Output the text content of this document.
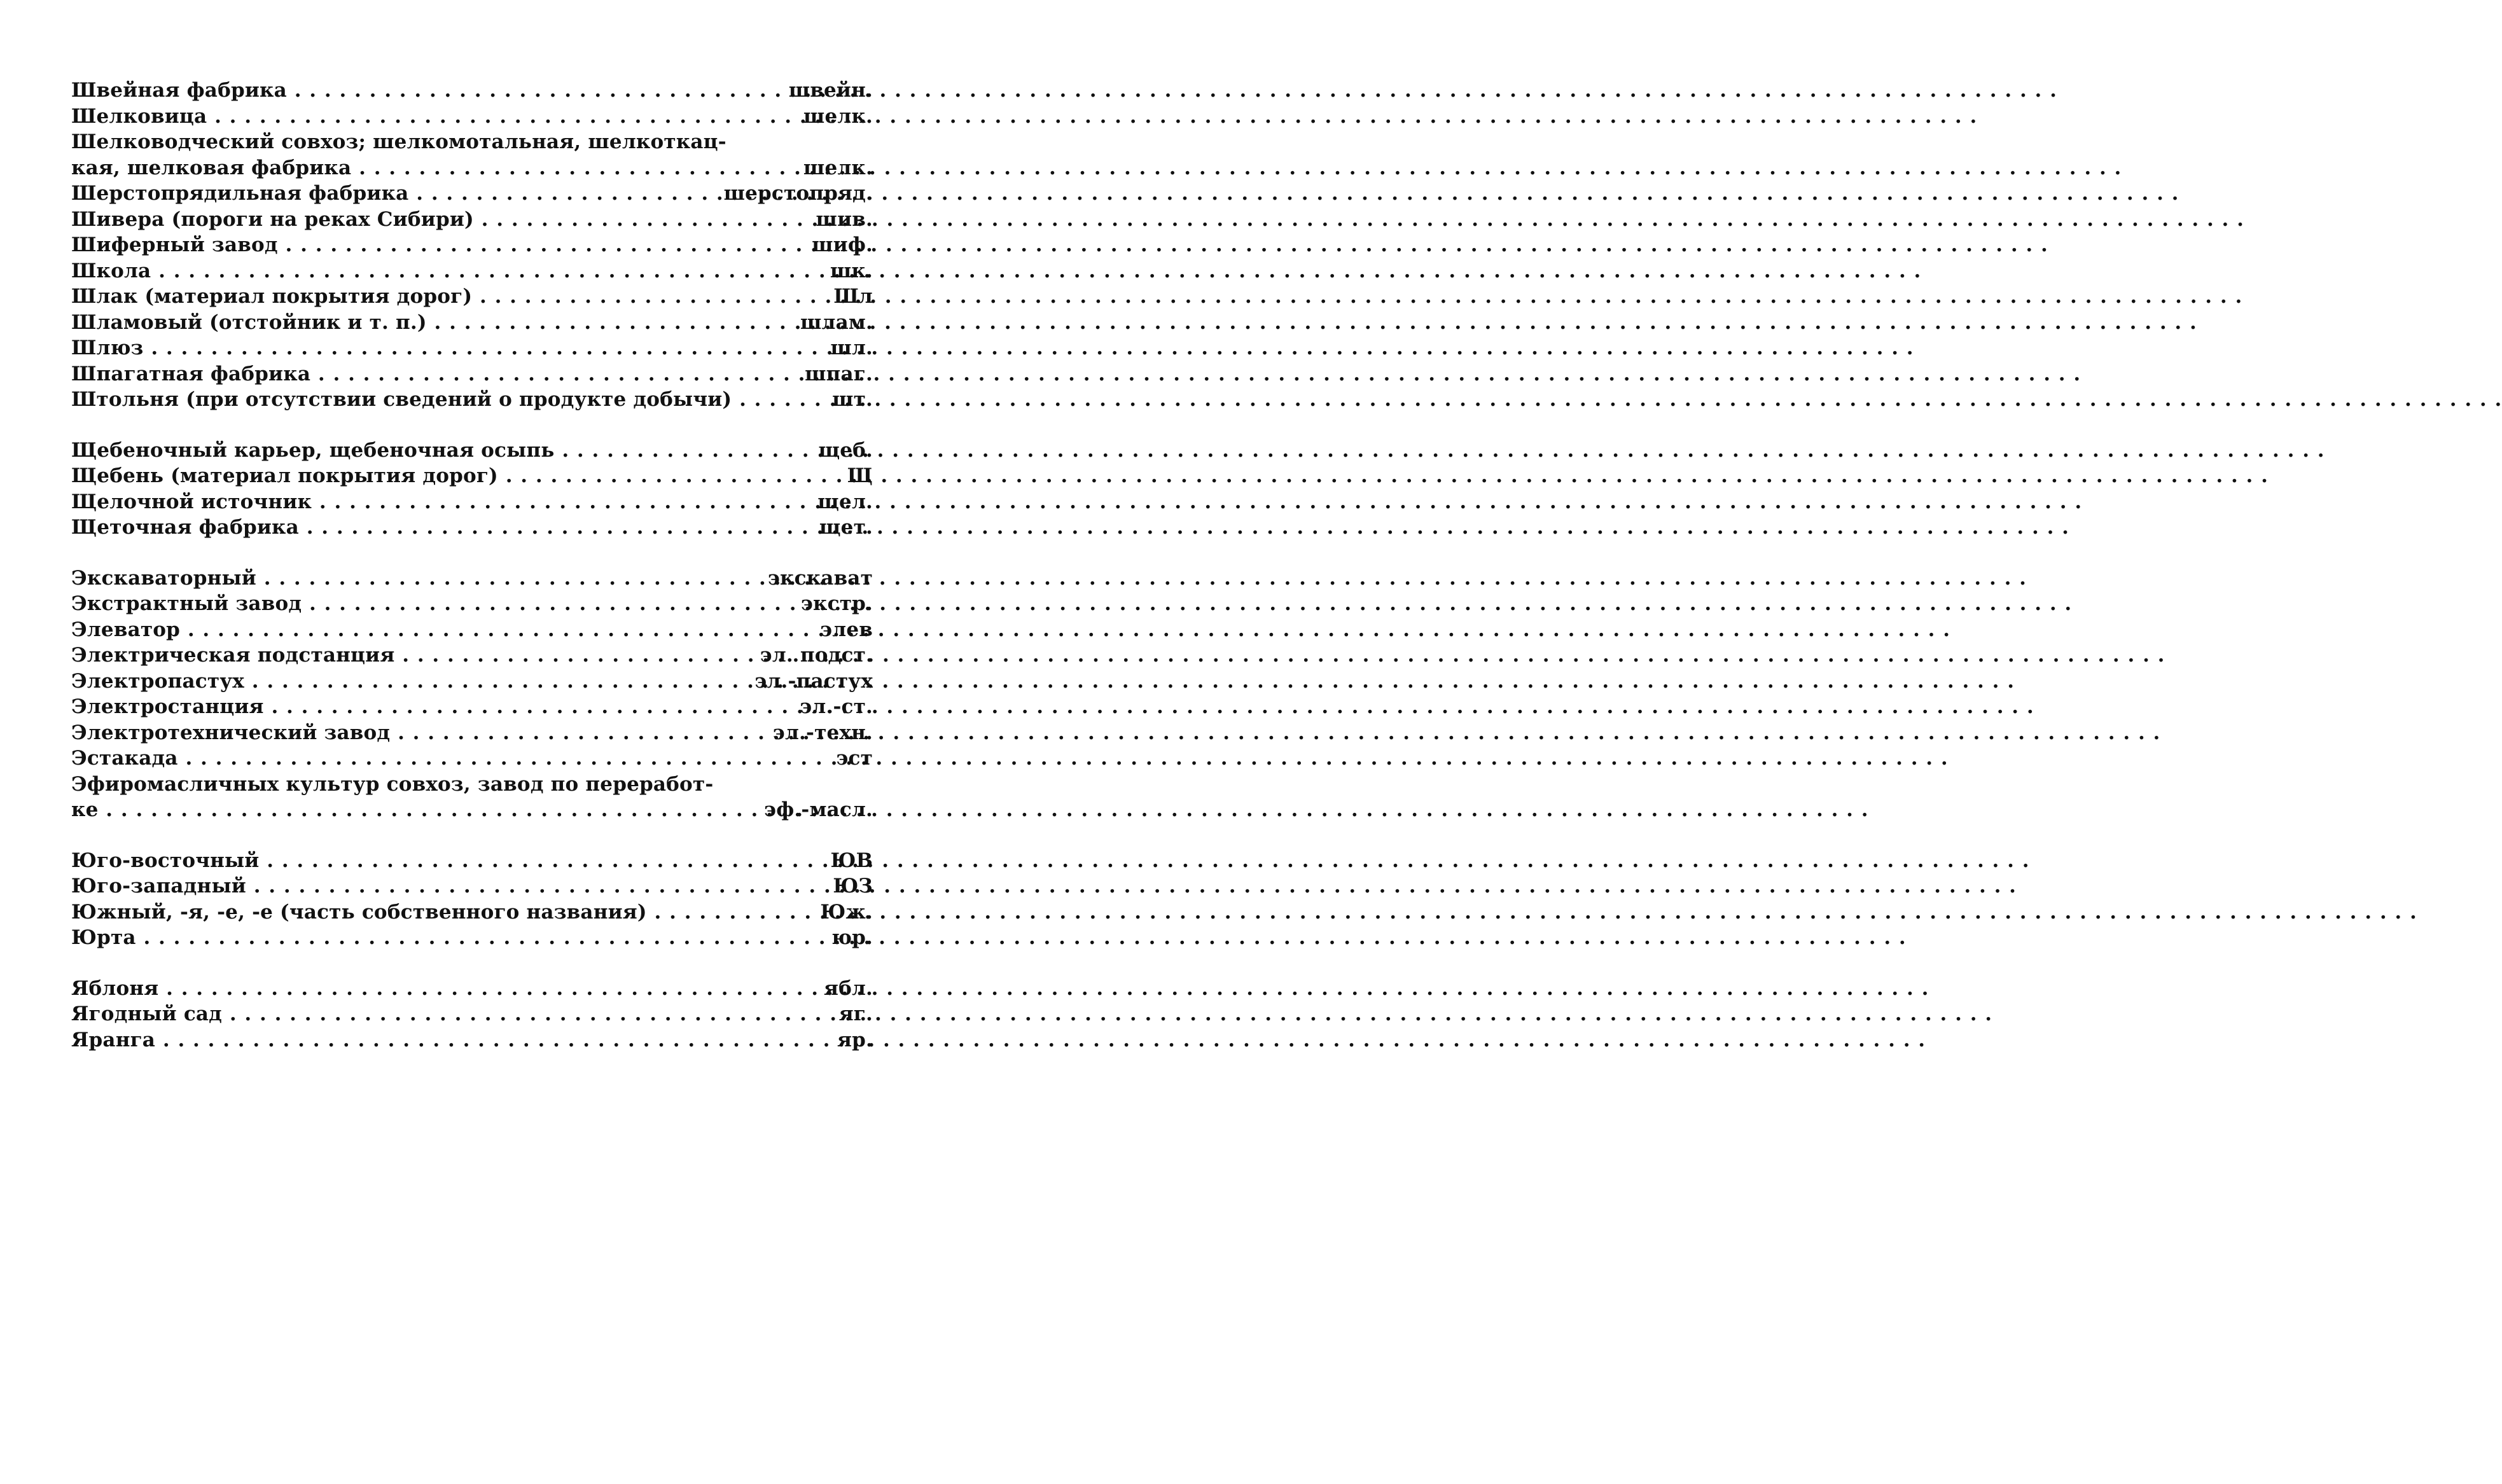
Швейная фабрика . . .	швейн.
Шелковица . . .	шелк.
Шелководческий совхоз; шелкомотальная, шелкоткац-
кая, шелковая фабрика . . .	шелк.
Шерстопрядильная фабрика . . .	шерстопряд.
Шивера (пороги на реках Сибири) . . .	шив.
Шиферный завод . . .	шиф.
Школа . . .	шк.
Шлак (материал покрытия дорог) . . .	Шл
Шламовый (отстойник и т. п.) . . .	шлам.
Шлюз . . .	шл.
Шпагатная фабрика . . .	шпаг.
Штольня (при отсутствии сведений о продукте добычи) . . .	шт.
Щебеночный карьер, щебеночная осыпь . . .	щеб.
Щебень (материал покрытия дорог) . . .	Щ
Щелочной источник . . .	щел.
Щеточная фабрика . . .	щет.
Экскаваторный . . .	экскават
Экстрактный завод . . .	экстр.
Элеватор . . .	элев
Электрическая подстанция . . .	эл. подст.
Электропастух . . .	эл.-пастух
Электростанция . . .	эл.-ст.
Электротехнический завод . . .	эл.-техн.
Эстакада . . .	эст
Эфиромасличных культур совхоз, завод по переработ-
ке . . .	эф.-масл.
Юго-восточный . . .	ЮВ
Юго-западный . . .	ЮЗ
Южный, -я, -е, -е (часть собственного названия) . . .	Юж.
Юрта . . .	юр.
Яблоня . . .	ябл.
Ягодный сад . . .	яг.
Яранга . . .	яр.
